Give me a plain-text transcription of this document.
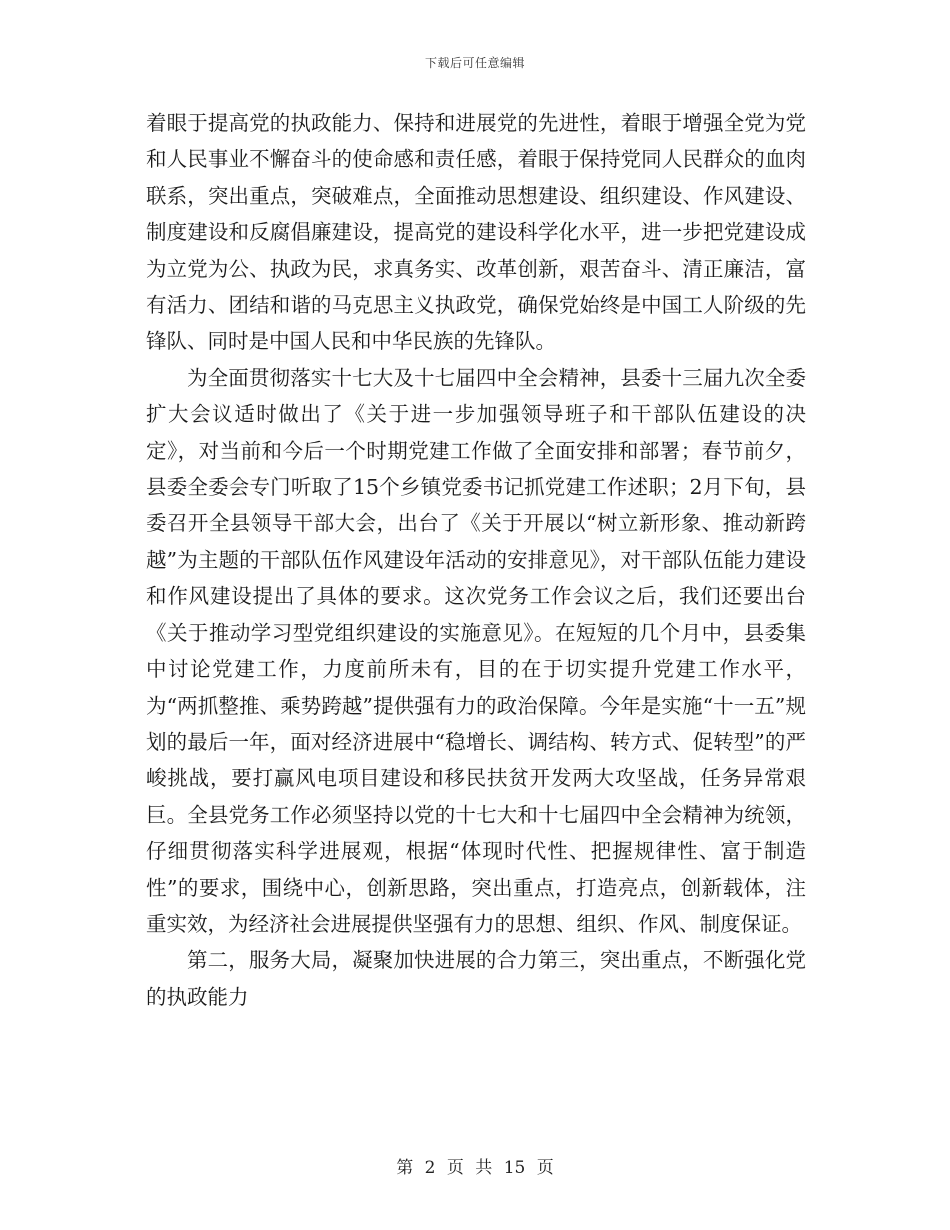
下载后可任意编辑

着眼于提高党的执政能力、保持和进展党的先进性，着眼于增强全党为党和人民事业不懈奋斗的使命感和责任感，着眼于保持党同人民群众的血肉联系，突出重点，突破难点，全面推动思想建设、组织建设、作风建设、制度建设和反腐倡廉建设，提高党的建设科学化水平，进一步把党建设成为立党为公、执政为民，求真务实、改革创新，艰苦奋斗、清正廉洁，富有活力、团结和谐的马克思主义执政党，确保党始终是中国工人阶级的先锋队、同时是中国人民和中华民族的先锋队。

为全面贯彻落实十七大及十七届四中全会精神，县委十三届九次全委扩大会议适时做出了《关于进一步加强领导班子和干部队伍建设的决定》，对当前和今后一个时期党建工作做了全面安排和部署；春节前夕，县委全委会专门听取了15个乡镇党委书记抓党建工作述职；2月下旬，县委召开全县领导干部大会，出台了《关于开展以“树立新形象、推动新跨越”为主题的干部队伍作风建设年活动的安排意见》，对干部队伍能力建设和作风建设提出了具体的要求。这次党务工作会议之后，我们还要出台《关于推动学习型党组织建设的实施意见》。在短短的几个月中，县委集中讨论党建工作，力度前所未有，目的在于切实提升党建工作水平，为“两抓整推、乘势跨越”提供强有力的政治保障。今年是实施“十一五”规划的最后一年，面对经济进展中“稳增长、调结构、转方式、促转型”的严峻挑战，要打赢风电项目建设和移民扶贫开发两大攻坚战，任务异常艰巨。全县党务工作必须坚持以党的十七大和十七届四中全会精神为统领，仔细贯彻落实科学进展观，根据“体现时代性、把握规律性、富于制造性”的要求，围绕中心，创新思路，突出重点，打造亮点，创新载体，注重实效，为经济社会进展提供坚强有力的思想、组织、作风、制度保证。

第二，服务大局，凝聚加快进展的合力第三，突出重点，不断强化党的执政能力

第 2 页 共 15 页
